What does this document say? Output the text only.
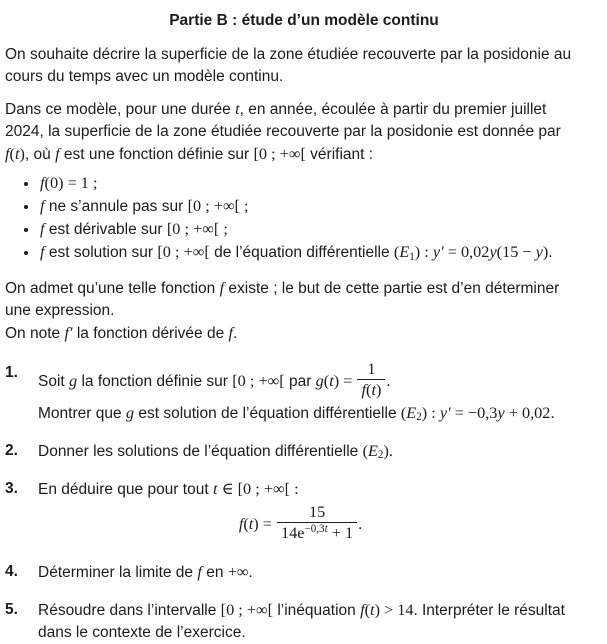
Partie B : étude d’un modèle continu
On souhaite décrire la superficie de la zone étudiée recouverte par la posidonie au
cours du temps avec un modèle continu.
Dans ce modèle, pour une durée t, en année, écoulée à partir du premier juillet
2024, la superficie de la zone étudiée recouverte par la posidonie est donnée par
f(t), où f est une fonction définie sur [0 ; +∞[ vérifiant :
• f(0) = 1 ;
• f ne s’annule pas sur [0 ; +∞[ ;
• f est dérivable sur [0 ; +∞[ ;
• f est solution sur [0 ; +∞[ de l’équation différentielle $(E_1)$ : y′ = 0,02y(15 − y).
On admet qu’une telle fonction f existe ; le but de cette partie est d’en déterminer
une expression.
On note f′ la fonction dérivée de f.
1.
Soit g la fonction définie sur [0 ; +∞[ par $g(t) = \frac{1}{f(t)}$ .
Montrer que g est solution de l’équation différentielle $(E_2)$ : y′ = −0,3y + 0,02.
2.	Donner les solutions de l’équation différentielle $(E_2)$.
3.	En déduire que pour tout t ∈ [0 ; +∞[ :
$f(t) = \frac{15}{14e^{-0,3t} + 1}$ .
4.	Déterminer la limite de f en +∞.
5.	Résoudre dans l’intervalle [0 ; +∞[ l’inéquation f(t) > 14. Interpréter le résultat
dans le contexte de l’exercice.
